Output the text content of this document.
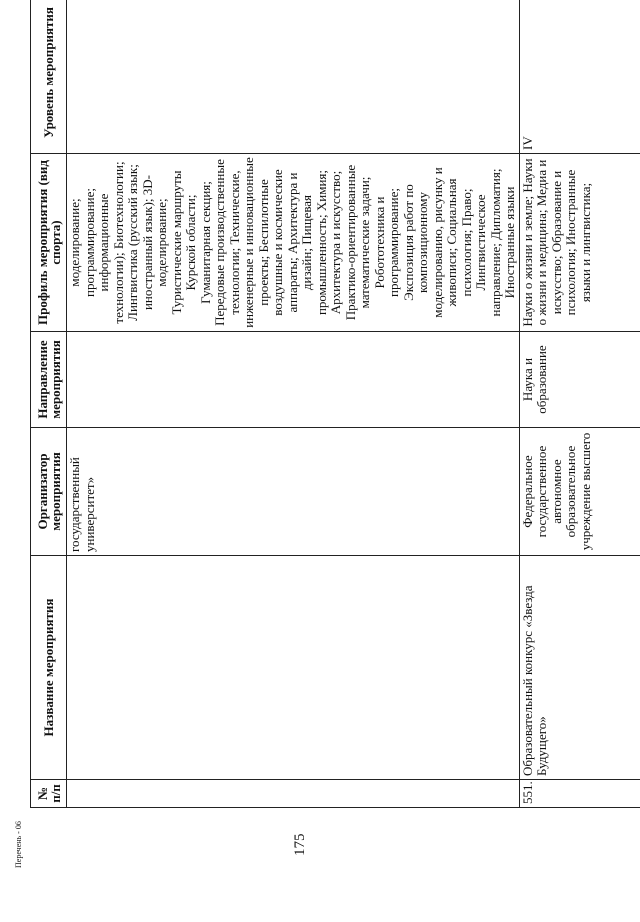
175
№ п/п	Название мероприятия	Организатор мероприятия	Направление мероприятия	Профиль мероприятия (вид спорта)	Уровень мероприятия
		государственный университет»		моделирование; программирование; информационные технологии); Биотехнологии; Лингвистика (русский язык; иностранный язык); 3D-моделирование; Туристические маршруты Курской области; Гуманитарная секция; Передовые производственные технологии; Технические, инженерные и инновационные проекты; Беспилотные воздушные и космические аппараты; Архитектура и дизайн; Пищевая промышленность; Химия; Архитектура и искусство; Практико-ориентированные математические задачи; Робототехника и программирование; Экспозиция работ по композиционному моделированию, рисунку и живописи; Социальная психология; Право; Лингвистическое направление; Дипломатия; Иностранные языки	
551.	Образовательный конкурс «Звезда Будущего»	Федеральное государственное автономное образовательное учреждение высшего	Наука и образование	Науки о жизни и земле; Науки о жизни и медицина; Медиа и искусство; Образование и психология; Иностранные языки и лингвистика;	IV
Перечень - 06
